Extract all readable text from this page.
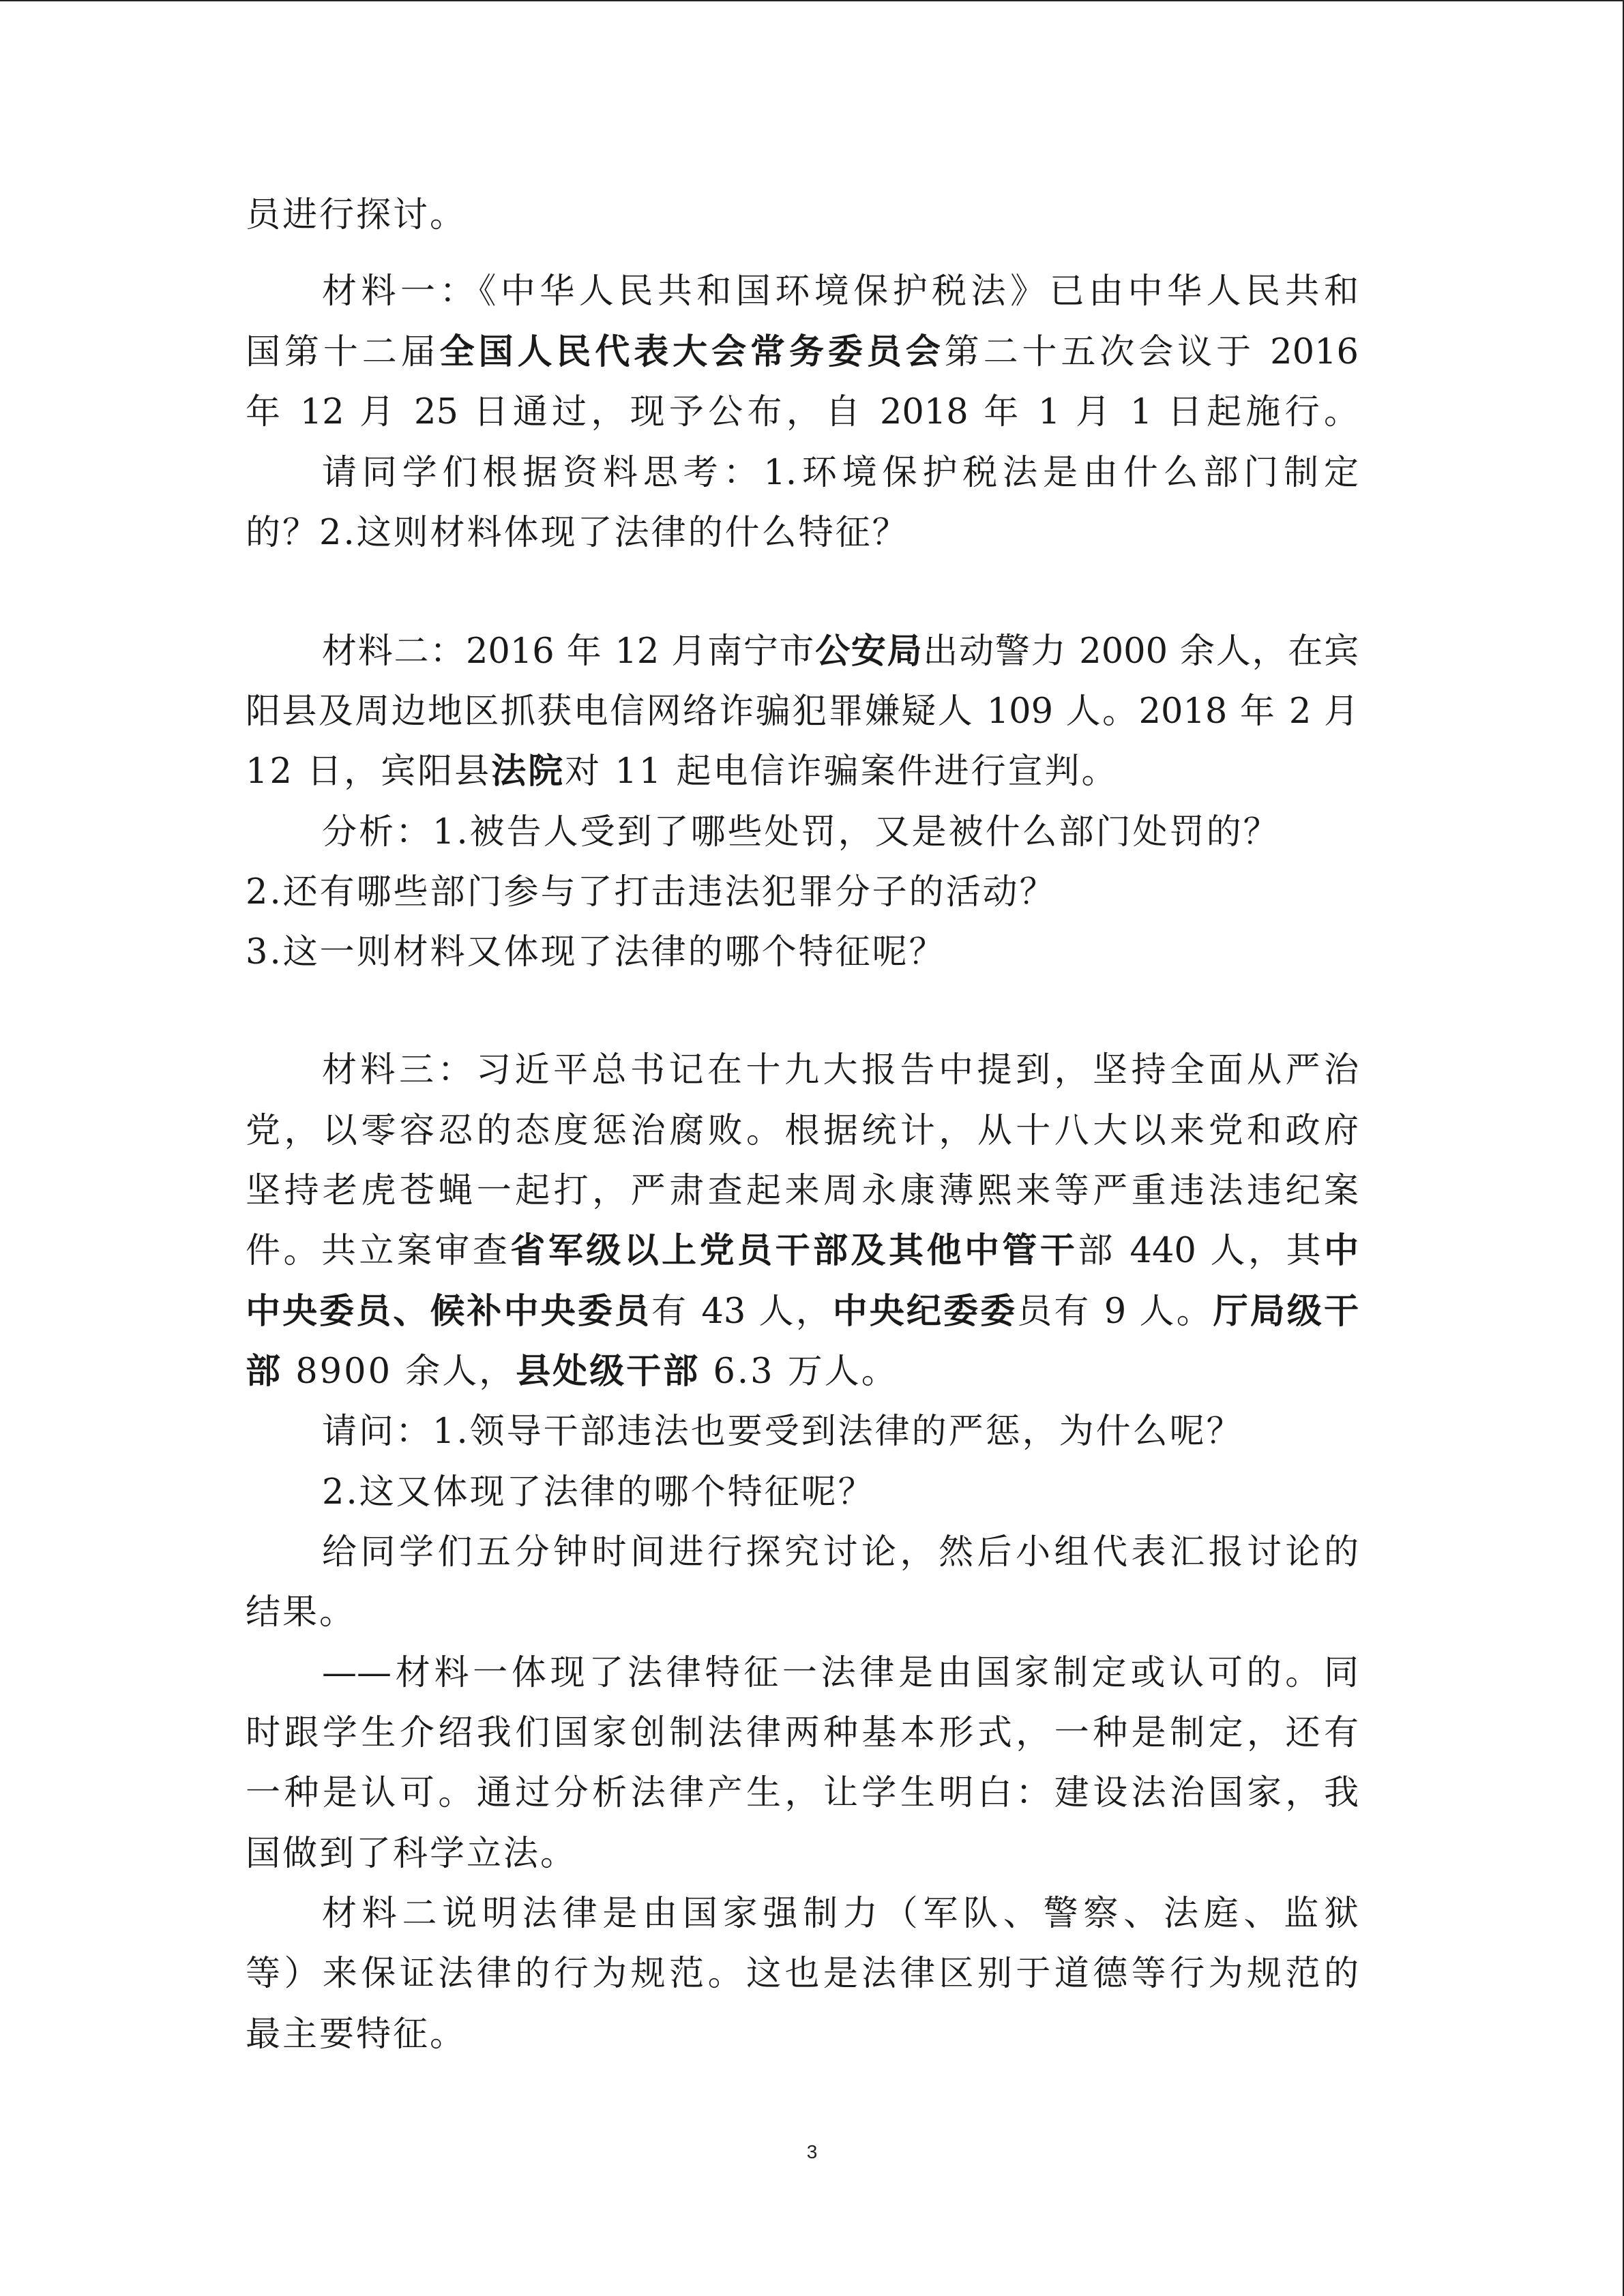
员进行探讨。
材料一：《中华人民共和国环境保护税法》已由中华人民共和
国第十二届全国人民代表大会常务委员会第二十五次会议于 2016
年 12 月 25 日通过，现予公布，自 2018 年 1 月 1 日起施行。
请同学们根据资料思考：1.环境保护税法是由什么部门制定
的？2.这则材料体现了法律的什么特征？
材料二：2016 年 12 月南宁市公安局出动警力 2000 余人，在宾
阳县及周边地区抓获电信网络诈骗犯罪嫌疑人 109 人。2018 年 2 月
12 日，宾阳县法院对 11 起电信诈骗案件进行宣判。
分析：1.被告人受到了哪些处罚，又是被什么部门处罚的？
2.还有哪些部门参与了打击违法犯罪分子的活动？
3.这一则材料又体现了法律的哪个特征呢？
材料三：习近平总书记在十九大报告中提到，坚持全面从严治
党，以零容忍的态度惩治腐败。根据统计，从十八大以来党和政府
坚持老虎苍蝇一起打，严肃查起来周永康薄熙来等严重违法违纪案
件。共立案审查省军级以上党员干部及其他中管干部 440 人，其中
中央委员、候补中央委员有 43 人，中央纪委委员有 9 人。厅局级干
部 8900 余人，县处级干部 6.3 万人。
请问：1.领导干部违法也要受到法律的严惩，为什么呢？
2.这又体现了法律的哪个特征呢？
给同学们五分钟时间进行探究讨论，然后小组代表汇报讨论的
结果。
——材料一体现了法律特征一法律是由国家制定或认可的。同
时跟学生介绍我们国家创制法律两种基本形式，一种是制定，还有
一种是认可。通过分析法律产生，让学生明白：建设法治国家，我
国做到了科学立法。
材料二说明法律是由国家强制力（军队、警察、法庭、监狱
等）来保证法律的行为规范。这也是法律区别于道德等行为规范的
最主要特征。
3
